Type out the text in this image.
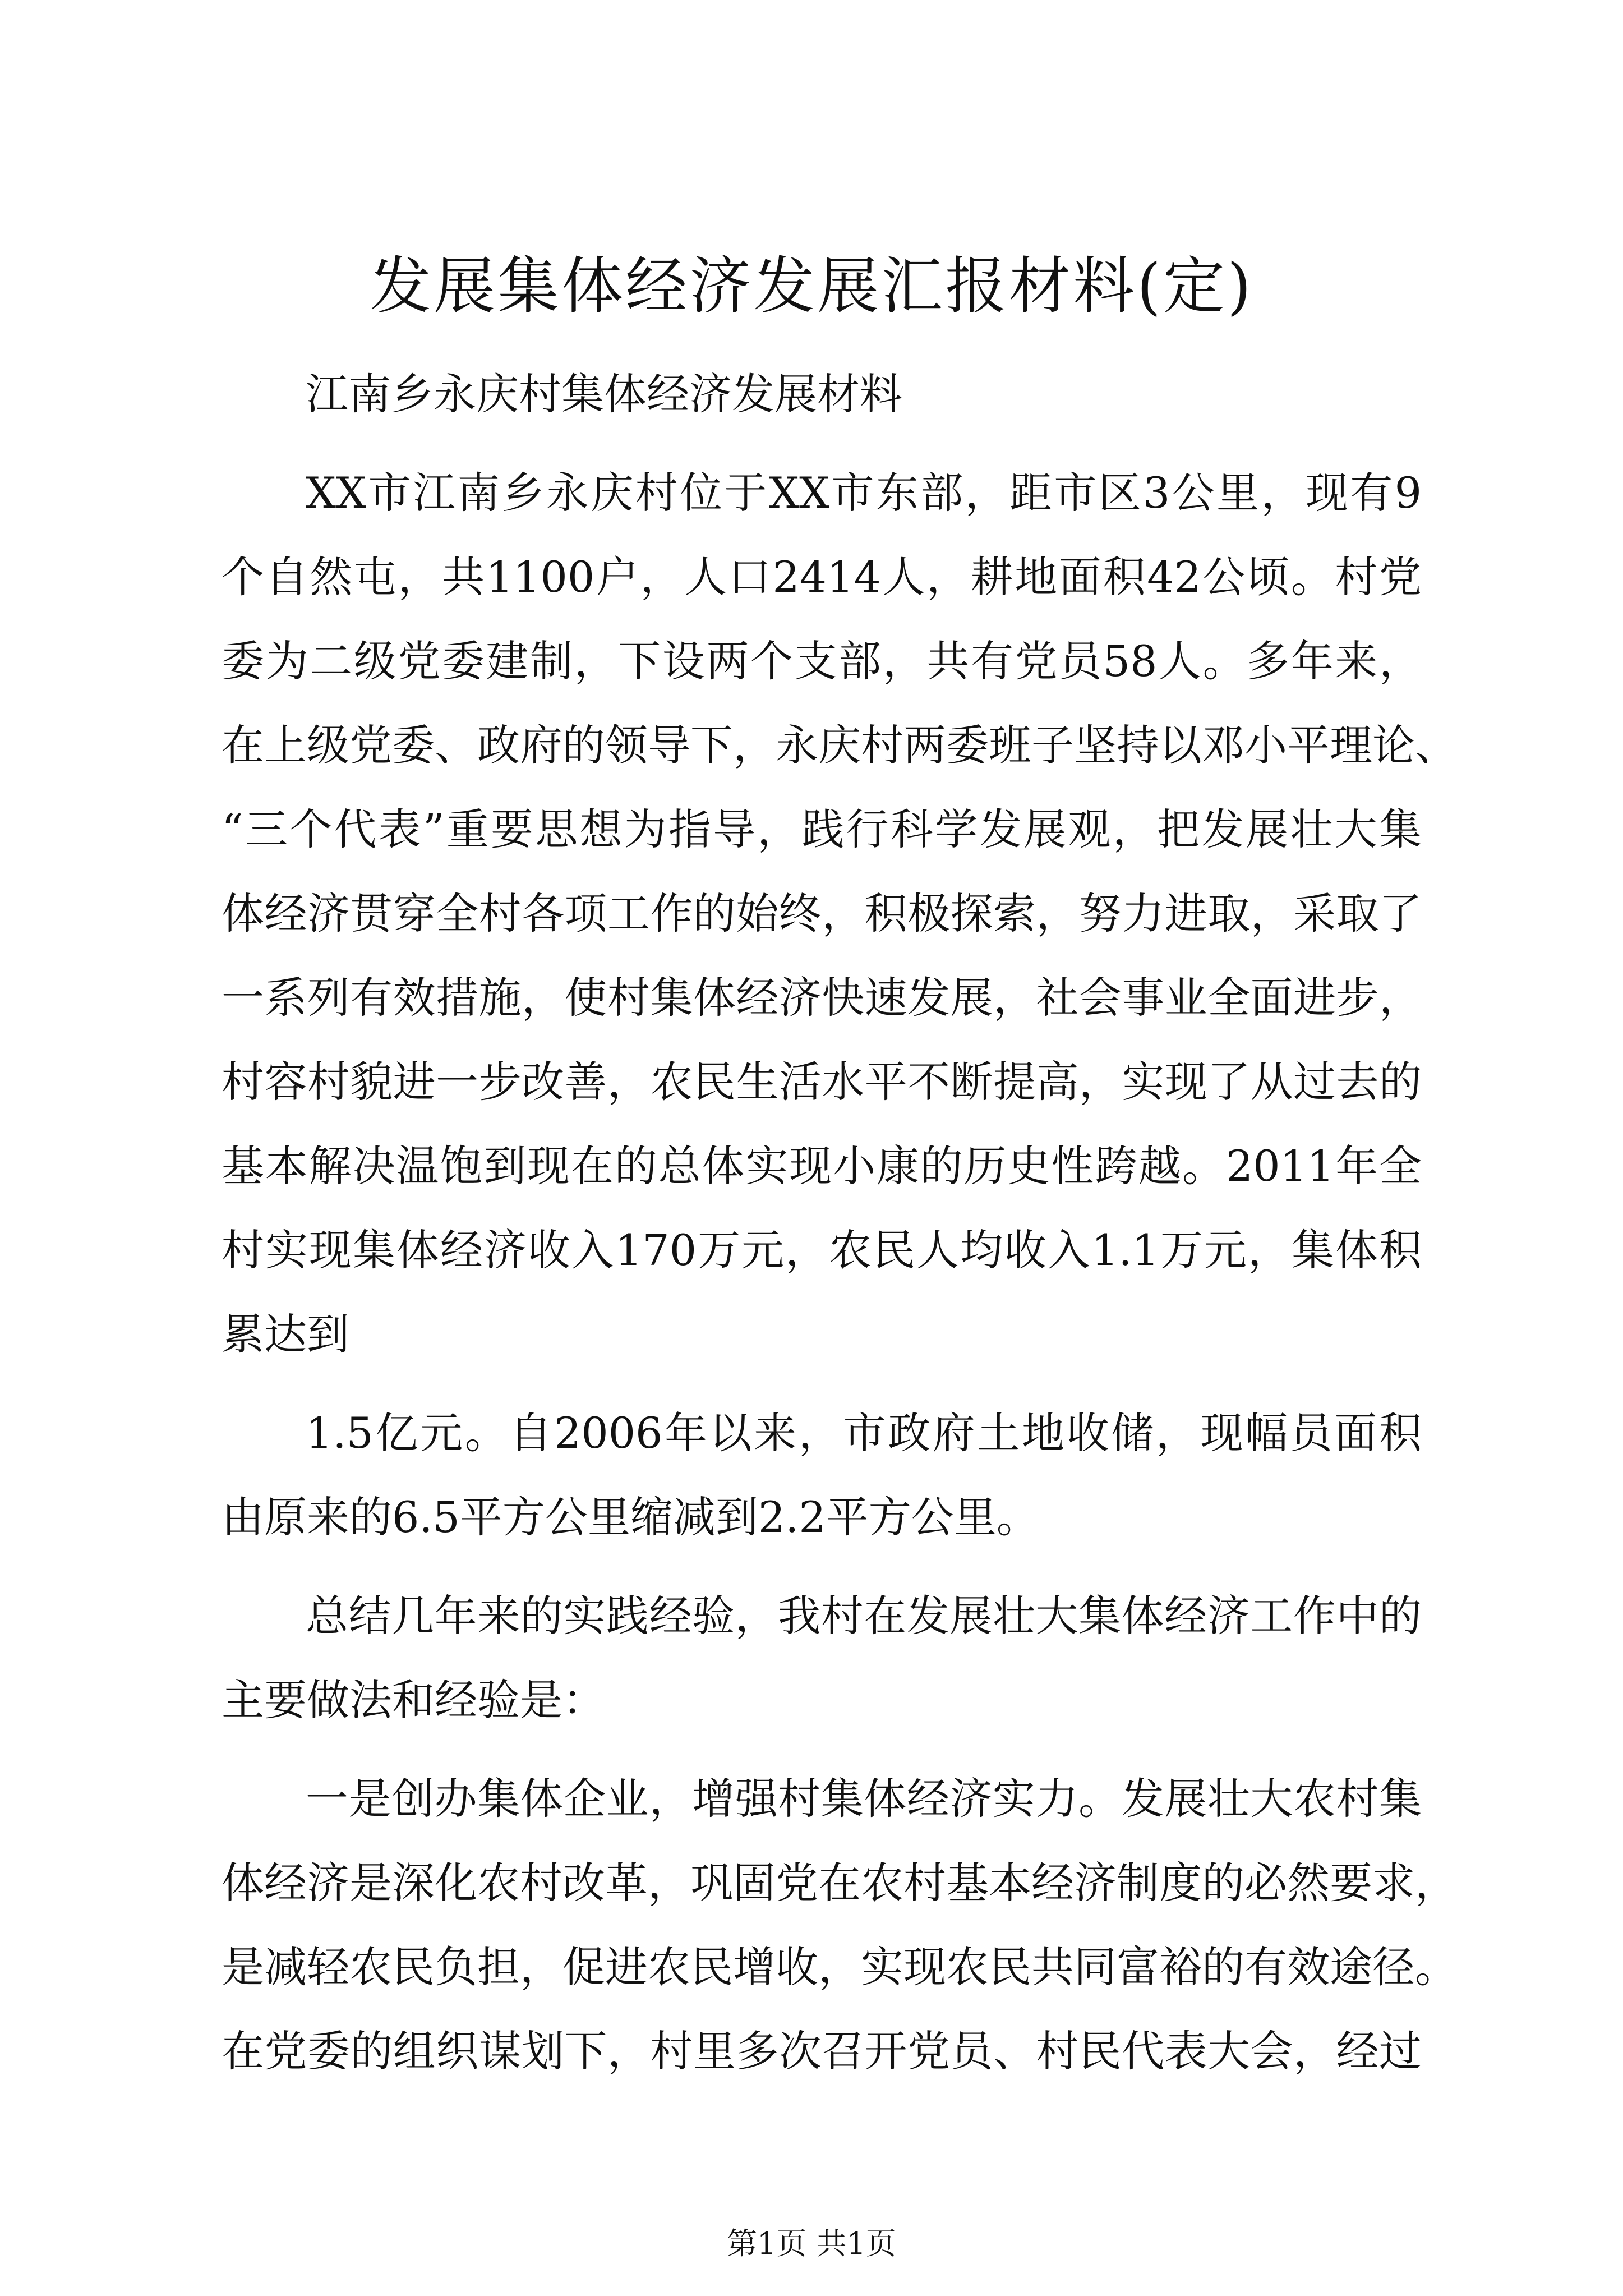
发展集体经济发展汇报材料(定)
江南乡永庆村集体经济发展材料
XX市江南乡永庆村位于XX市东部，距市区3公里，现有9
个自然屯，共1100户，人口2414人，耕地面积42公顷。村党
委为二级党委建制，下设两个支部，共有党员58人。多年来，
在上级党委、政府的领导下，永庆村两委班子坚持以邓小平理论、
“三个代表”重要思想为指导，践行科学发展观，把发展壮大集
体经济贯穿全村各项工作的始终，积极探索，努力进取，采取了
一系列有效措施，使村集体经济快速发展，社会事业全面进步，
村容村貌进一步改善，农民生活水平不断提高，实现了从过去的
基本解决温饱到现在的总体实现小康的历史性跨越。2011年全
村实现集体经济收入170万元，农民人均收入1.1万元，集体积
累达到
1.5亿元。自2006年以来，市政府土地收储，现幅员面积
由原来的6.5平方公里缩减到2.2平方公里。
总结几年来的实践经验，我村在发展壮大集体经济工作中的
主要做法和经验是：
一是创办集体企业，增强村集体经济实力。发展壮大农村集
体经济是深化农村改革，巩固党在农村基本经济制度的必然要求，
是减轻农民负担，促进农民增收，实现农民共同富裕的有效途径。
在党委的组织谋划下，村里多次召开党员、村民代表大会，经过
第1页 共1页
